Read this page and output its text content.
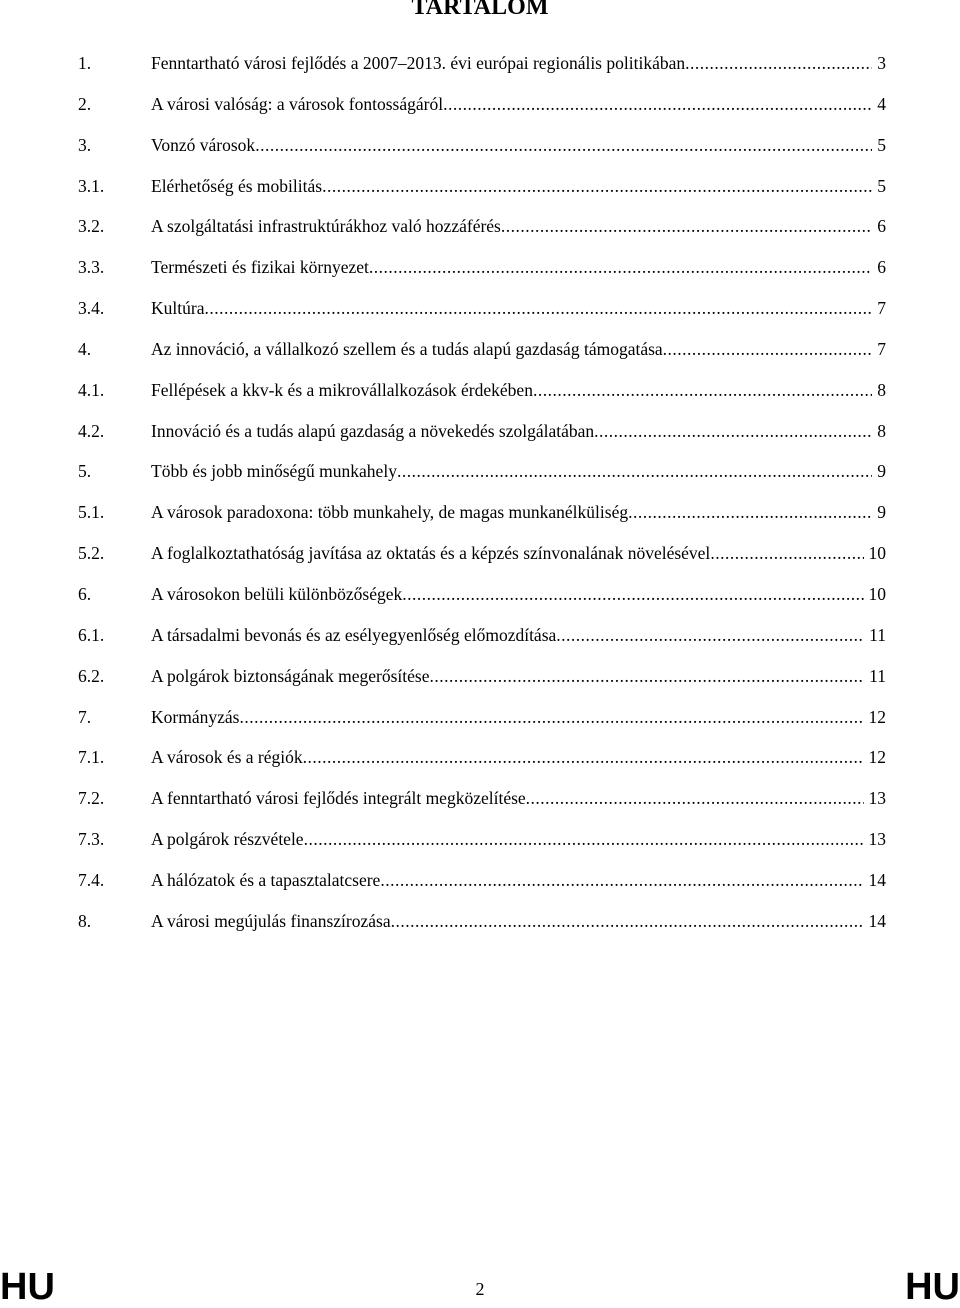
TARTALOM
1.	Fenntartható városi fejlődés a 2007–2013. évi európai regionális politikában .....	3
2.	A városi valóság: a városok fontosságáról .....	4
3.	Vonzó városok .....	5
3.1.	Elérhetőség és mobilitás .....	5
3.2.	A szolgáltatási infrastruktúrákhoz való hozzáférés .....	6
3.3.	Természeti és fizikai környezet .....	6
3.4.	Kultúra .....	7
4.	Az innováció, a vállalkozó szellem és a tudás alapú gazdaság támogatása .....	7
4.1.	Fellépések a kkv-k és a mikrovállalkozások érdekében .....	8
4.2.	Innováció és a tudás alapú gazdaság a növekedés szolgálatában .....	8
5.	Több és jobb minőségű munkahely .....	9
5.1.	A városok paradoxona: több munkahely, de magas munkanélküliség .....	9
5.2.	A foglalkoztathatóság javítása az oktatás és a képzés színvonalának növelésével .....	10
6.	A városokon belüli különbözőségek .....	10
6.1.	A társadalmi bevonás és az esélyegyenlőség előmozdítása .....	11
6.2.	A polgárok biztonságának megerősítése .....	11
7.	Kormányzás .....	12
7.1.	A városok és a régiók .....	12
7.2.	A fenntartható városi fejlődés integrált megközelítése .....	13
7.3.	A polgárok részvétele .....	13
7.4.	A hálózatok és a tapasztalatcsere .....	14
8.	A városi megújulás finanszírozása .....	14
HU	2	HU
